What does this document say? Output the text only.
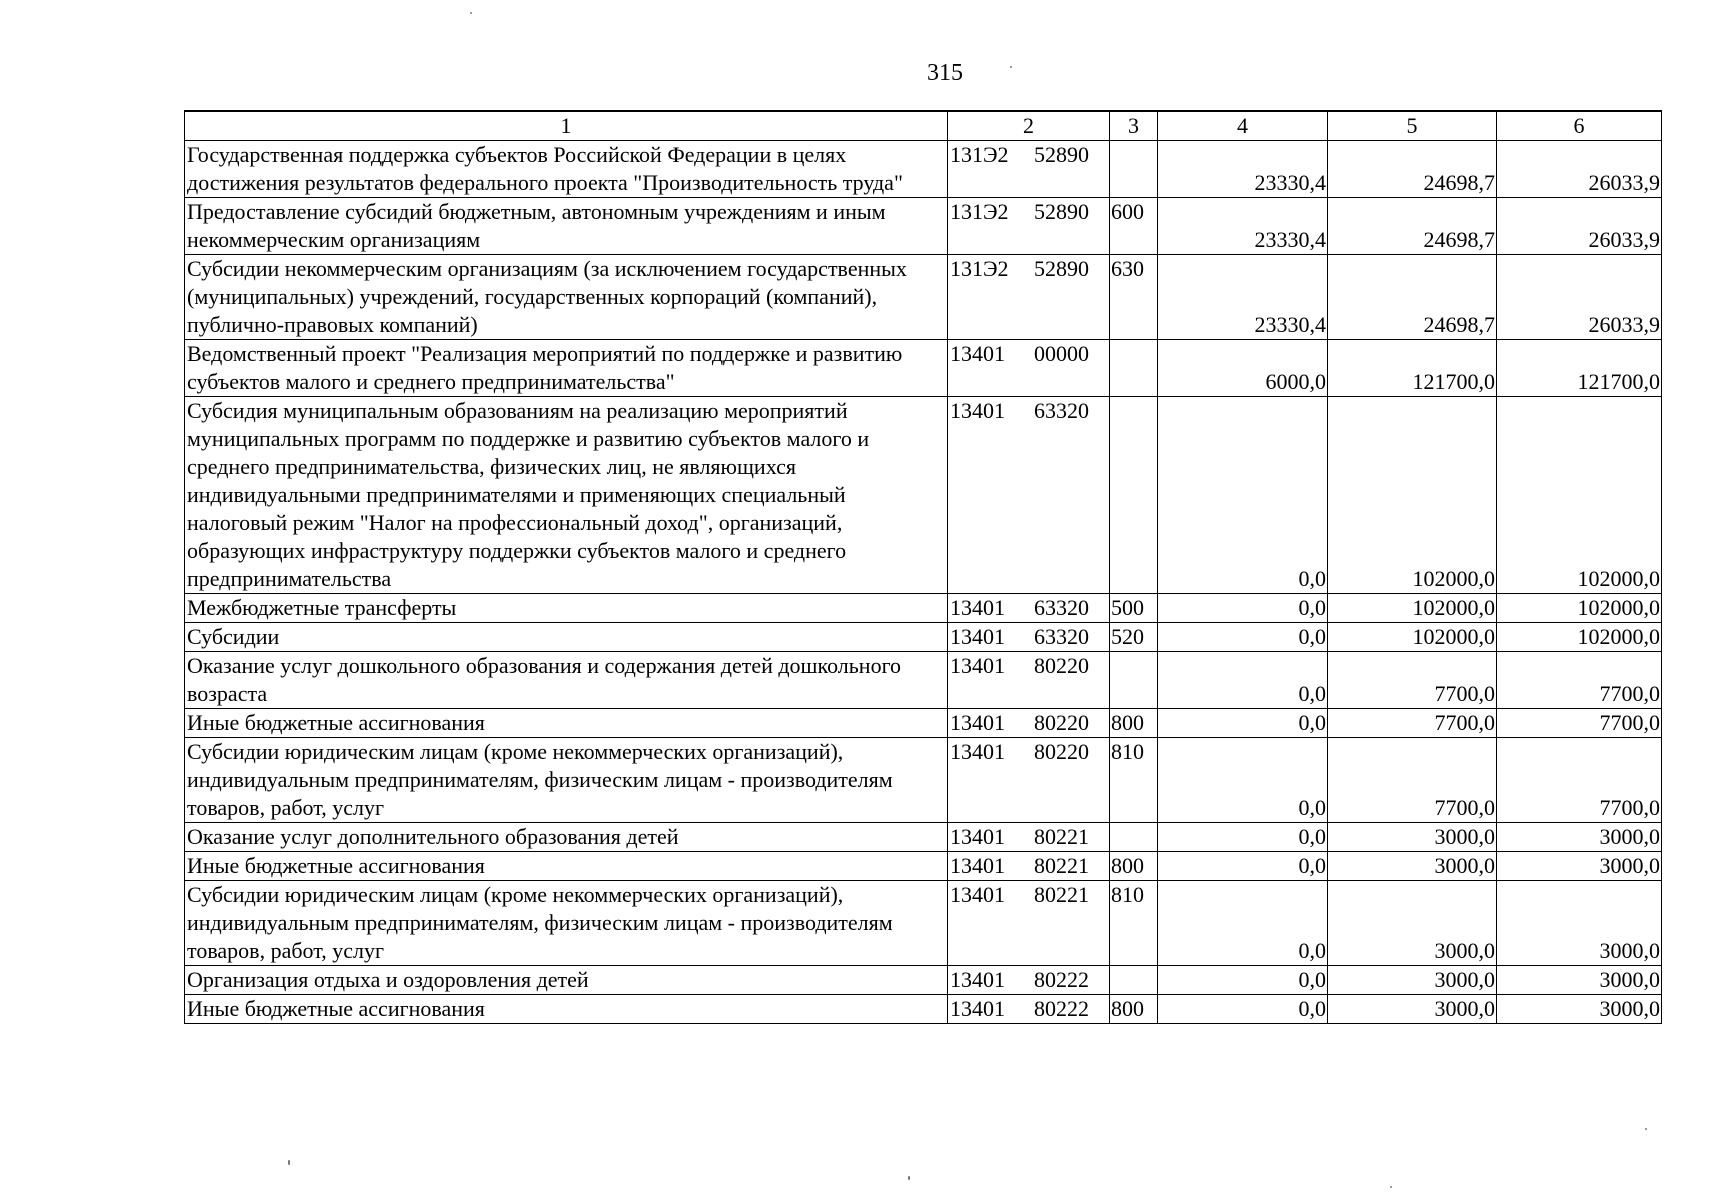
315
1	2	3	4	5	6
Государственная поддержка субъектов Российской Федерации в целях достижения результатов федерального проекта "Производительность труда"	131Э2 52890		23330,4	24698,7	26033,9
Предоставление субсидий бюджетным, автономным учреждениям и иным некоммерческим организациям	131Э2 52890	600	23330,4	24698,7	26033,9
Субсидии некоммерческим организациям (за исключением государственных (муниципальных) учреждений, государственных корпораций (компаний), публично-правовых компаний)	131Э2 52890	630	23330,4	24698,7	26033,9
Ведомственный проект "Реализация мероприятий по поддержке и развитию субъектов малого и среднего предпринимательства"	13401 00000		6000,0	121700,0	121700,0
Субсидия муниципальным образованиям на реализацию мероприятий муниципальных программ по поддержке и развитию субъектов малого и среднего предпринимательства, физических лиц, не являющихся индивидуальными предпринимателями и применяющих специальный налоговый режим "Налог на профессиональный доход", организаций, образующих инфраструктуру поддержки субъектов малого и среднего предпринимательства	13401 63320		0,0	102000,0	102000,0
Межбюджетные трансферты	13401 63320	500	0,0	102000,0	102000,0
Субсидии	13401 63320	520	0,0	102000,0	102000,0
Оказание услуг дошкольного образования и содержания детей дошкольного возраста	13401 80220		0,0	7700,0	7700,0
Иные бюджетные ассигнования	13401 80220	800	0,0	7700,0	7700,0
Субсидии юридическим лицам (кроме некоммерческих организаций), индивидуальным предпринимателям, физическим лицам - производителям товаров, работ, услуг	13401 80220	810	0,0	7700,0	7700,0
Оказание услуг дополнительного образования детей	13401 80221		0,0	3000,0	3000,0
Иные бюджетные ассигнования	13401 80221	800	0,0	3000,0	3000,0
Субсидии юридическим лицам (кроме некоммерческих организаций), индивидуальным предпринимателям, физическим лицам - производителям товаров, работ, услуг	13401 80221	810	0,0	3000,0	3000,0
Организация отдыха и оздоровления детей	13401 80222		0,0	3000,0	3000,0
Иные бюджетные ассигнования	13401 80222	800	0,0	3000,0	3000,0
